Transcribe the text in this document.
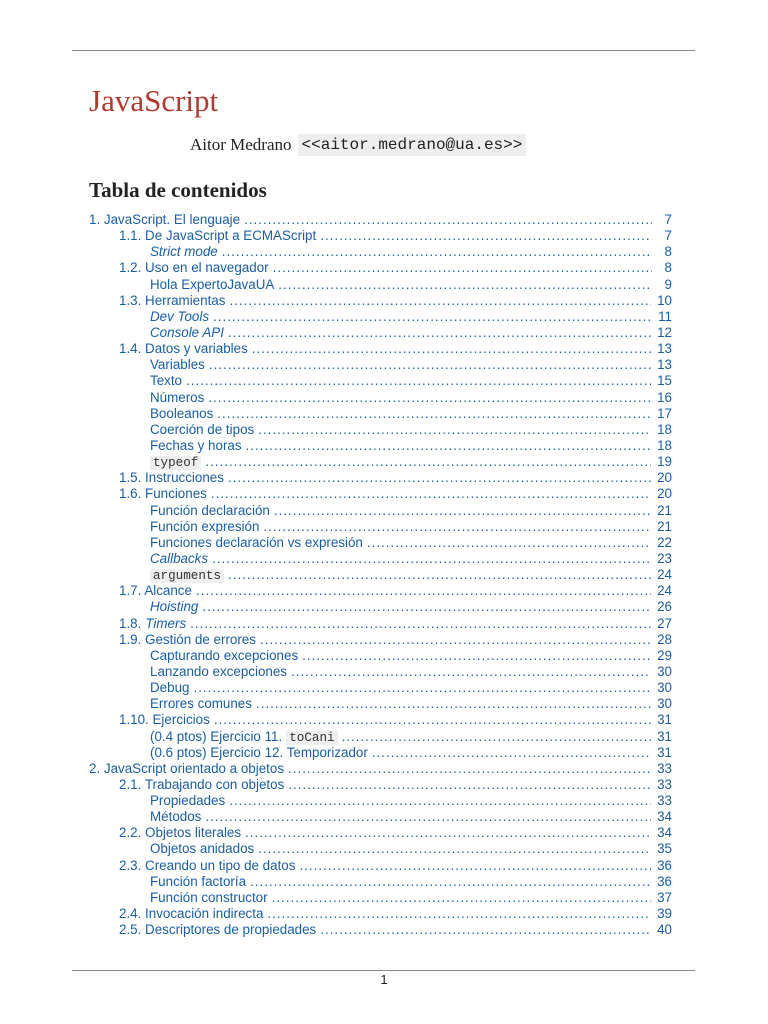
JavaScript
Aitor Medrano <<aitor.medrano@ua.es>>
Tabla de contenidos
1. JavaScript. El lenguaje .....	7
1.1. De JavaScript a ECMAScript .....	7
Strict mode .....	8
1.2. Uso en el navegador .....	8
Hola ExpertoJavaUA .....	9
1.3. Herramientas .....	10
Dev Tools .....	11
Console API .....	12
1.4. Datos y variables .....	13
Variables .....	13
Texto .....	15
Números .....	16
Booleanos .....	17
Coerción de tipos .....	18
Fechas y horas .....	18
typeof .....	19
1.5. Instrucciones .....	20
1.6. Funciones .....	20
Función declaración .....	21
Función expresión .....	21
Funciones declaración vs expresión .....	22
Callbacks .....	23
arguments .....	24
1.7. Alcance .....	24
Hoisting .....	26
1.8. Timers .....	27
1.9. Gestión de errores .....	28
Capturando excepciones .....	29
Lanzando excepciones .....	30
Debug .....	30
Errores comunes .....	30
1.10. Ejercicios .....	31
(0.4 ptos) Ejercicio 11. toCani .....	31
(0.6 ptos) Ejercicio 12. Temporizador .....	31
2. JavaScript orientado a objetos .....	33
2.1. Trabajando con objetos .....	33
Propiedades .....	33
Métodos .....	34
2.2. Objetos literales .....	34
Objetos anidados .....	35
2.3. Creando un tipo de datos .....	36
Función factoría .....	36
Función constructor .....	37
2.4. Invocación indirecta .....	39
2.5. Descriptores de propiedades .....	40
1
